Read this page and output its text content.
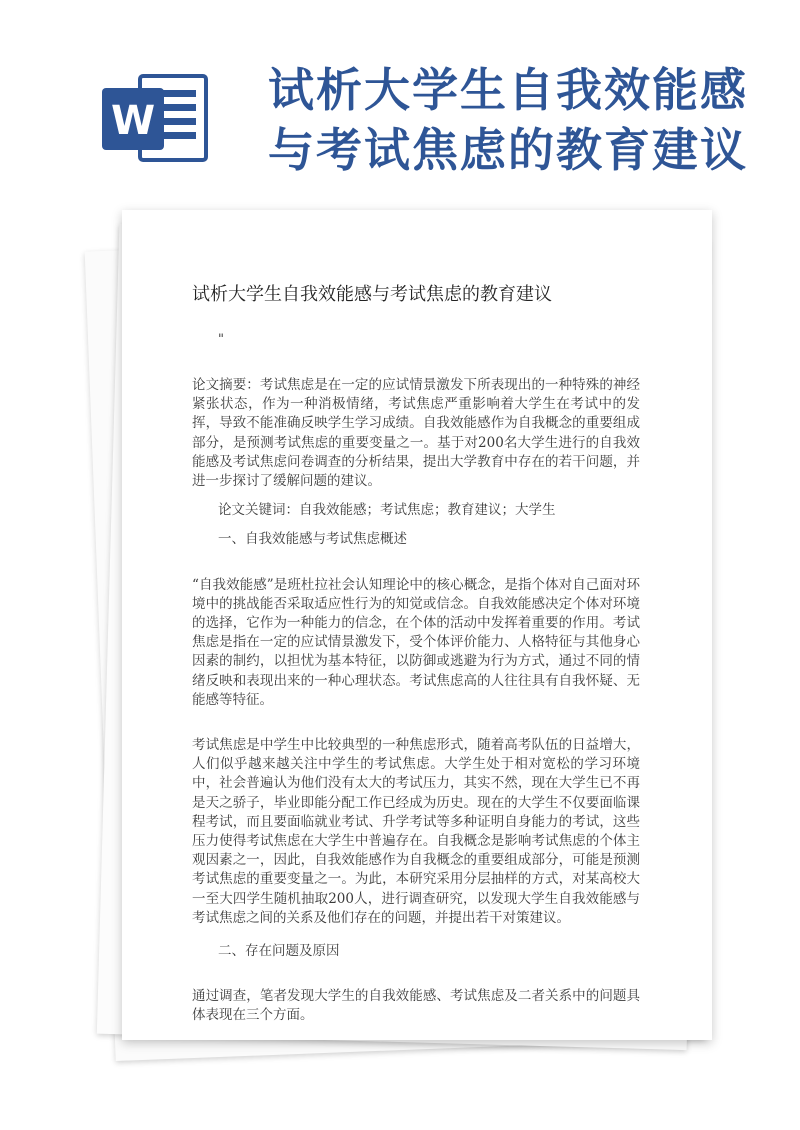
W
试析大学生自我效能感
与考试焦虑的教育建议
试析大学生自我效能感与考试焦虑的教育建议

"

论文摘要：考试焦虑是在一定的应试情景激发下所表现出的一种特殊的神经紧张状态，作为一种消极情绪，考试焦虑严重影响着大学生在考试中的发挥，导致不能准确反映学生学习成绩。自我效能感作为自我概念的重要组成部分，是预测考试焦虑的重要变量之一。基于对200名大学生进行的自我效能感及考试焦虑问卷调查的分析结果，提出大学教育中存在的若干问题，并进一步探讨了缓解问题的建议。

论文关键词：自我效能感；考试焦虑；教育建议；大学生

一、自我效能感与考试焦虑概述

“自我效能感”是班杜拉社会认知理论中的核心概念，是指个体对自己面对环境中的挑战能否采取适应性行为的知觉或信念。自我效能感决定个体对环境的选择，它作为一种能力的信念，在个体的活动中发挥着重要的作用。考试焦虑是指在一定的应试情景激发下，受个体评价能力、人格特征与其他身心因素的制约，以担忧为基本特征，以防御或逃避为行为方式，通过不同的情绪反映和表现出来的一种心理状态。考试焦虑高的人往往具有自我怀疑、无能感等特征。

考试焦虑是中学生中比较典型的一种焦虑形式，随着高考队伍的日益增大，人们似乎越来越关注中学生的考试焦虑。大学生处于相对宽松的学习环境中，社会普遍认为他们没有太大的考试压力，其实不然，现在大学生已不再是天之骄子，毕业即能分配工作已经成为历史。现在的大学生不仅要面临课程考试，而且要面临就业考试、升学考试等多种证明自身能力的考试，这些压力使得考试焦虑在大学生中普遍存在。自我概念是影响考试焦虑的个体主观因素之一，因此，自我效能感作为自我概念的重要组成部分，可能是预测考试焦虑的重要变量之一。为此，本研究采用分层抽样的方式，对某高校大一至大四学生随机抽取200人，进行调查研究，以发现大学生自我效能感与考试焦虑之间的关系及他们存在的问题，并提出若干对策建议。

二、存在问题及原因

通过调查，笔者发现大学生的自我效能感、考试焦虑及二者关系中的问题具体表现在三个方面。
